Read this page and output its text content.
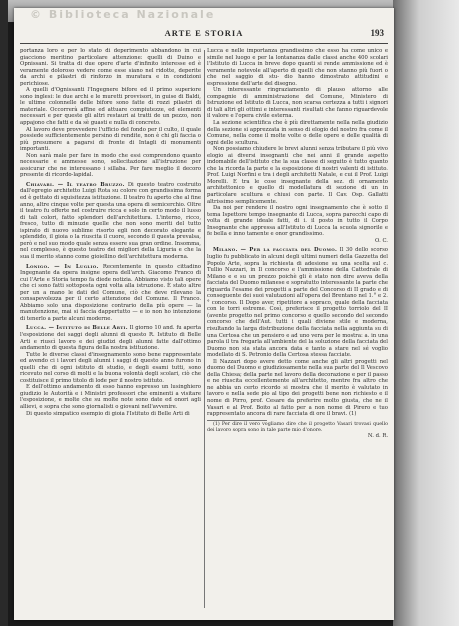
© Biblioteca Nazionale
ARTE E STORIA	193

portanza loro e per lo stato di deperimento abbandono in cui giacciono meritino particolare attenzione: quelli di Duino e Opnissani. Si tratta di due opere d'arte d'infinito interesse ed è veramente doloroso vedere come esse siano nel ridotte, deperite da archi e pilastri di rinforzo in muratura e in condizioni perichiose.

A quelli d'Ognissanti l'Ingegnere bifore ed il primo superiore sono inglesi: le due archi e le muretti provvisori, in guise di Baldi, le ultime colonnelle delle bifore sono fatte di rozzi pilastri di materiale. Occorrerà affine ed attuare compiutezze, ed elementi necessari e per queste gli altri restauri ai tratti de un pezzo, non appajono che fatti e da sè guasti e nulla di concreto.

Al lavoro deve provvedere l'ufficio del fondo per il culto, il quale possiede sufficientemente persino di rendite, non è chi gli faccia o più presumere a pagarsi di fronte di Intagli di monumenti importanti.

Non sarà male per fare in modo che essi comprendono quanto necessarie e ammesse sono, sollecitazione all'istruzione per assicurar che ne interessano i sillaba. Per fare meglio il decoro presente di ricordo-lapidal.

Chiavari. — Il teatro Bruzzo. Di questo teatro costruito dall'egregio architetto Luigi Rota su colore con grandissima forma ed è gettato di squisitezza istituzione. Il teatro fu aperto che al fine anno, altre cinque volte per questa una opera di semicerchio. Oltre il teatro fu offerte nel costruire ricca e solo in certo modo il lusso di tali colori, fatto splendori dell'architettura. L'interno, ricco, fresco, tutto di minuzie quelle che non sono meriti del tutto ispirato di nuovo sublime risorto egli non decorato elegante e splendido, il gioia o la riuscita il cuore, secondo il questa prevalsa, però e nel suo modo quale senza essere sua gran ordine. Insomma, nel complesso, è questo teatro dei migliori della Liguria e che la sua il merito stanno come gioiellino dell'architettura moderna.

Lonigo. — In Luglio. Recentemente in questo cittadino Ingegnante da opera insigne opera dell'arch. Giacomo Franco di cui l'Arte e Storia tempo fa diede notizia. Abbiamo visto tali opere che ci sono fatti sottoposta ogni volta alla istruzione. È stato altre per un a mano le dati del Comune, ciò che deve rilevano la consapevolezza per il certo attenzione del Comune. Il Franco. Abbiamo solo una disposizione contrario della più opere — la manutenzione, mai si faccia dappertutto — e io non ho intenzione di tenerlo a parte alcuni moderne.

Lucca. — Istituto di Belle Arti. Il giorno 10 and. fu aperta l'esposizione dei saggi degli alunni di questo R. Istituto di Belle Arti e riuscì lavoro e dei giudizi degli alunni fatte dall'ottimo andamento di questa figura della nostra istituzione.

Tutte le diverse classi d'insegnamento sono bene rappresentate ed avendo ci i lavori degli alunni i saggi di questo anno furono in quelli che di ogni istituto di studio, e degli esami tutti, sono ricevuto nel corso di molti e la buona volontà degli scolari, ciò che costituisce il primo titolo di lode per il nostro istituto.

E dell'ottimo andamento di esso hanno espresso un lusinghiero giudizio le Autorità e i Ministri professori che eminenti a visitare l'esposizione, e molte che su molte note sono date ed onori agli allievi, e sopra che sono giornalisti o giovani nell'avvenire.

Di questo simpatico esempio di gioia l'Istituto di Belle Arti di

Lucca e nelle importanza grandissimo che esso ha come unico e simile nel luogo e per la lontananza dalle classi anche 400 scolari l'Istituto di Lucca in breve dopo quanti si rende ammissione ed è veramente notevole all'aperto di quelli che non stanno più fuori o che nel saggio di stu- dio hanno dimostrato attitudini e espressione dell'arte del disegno.

Un interessante ringraziamento di plauso attorno alle compagnie di amministrazione del Comune, Ministero di Istruzione ed Istituto di Lucca, non scarsa certezza a tutti i signori di tali altri gli ottimi e interessanti risultati che fanno riguardevole il valore e l'opera civile esterna.

La sezione scientifica che è più direttamente nella nella giudizio della sezione si apprezzata in senso di elogio del nostro fra come il Comune, nella come il molte volte o delle opere e delle qualità di ogni delle scultura.

Non possiamo chiudere le brevi alunni senza tributare il più vivo elogio ai diversi insegnanti che nei anni il grande aspetto indomabile dell'istituto che la sua classe di seguito è tutto quanto che la ricorda la parte e la esposizione di nostri valenti di istituto. Prof. Luigi Norfini e tra i degli architetti Natale, e cui il Prof. Luigi Morelli. E tra le cose insegnante della sez. di ornamento architettonico e quello di modellatura di sezione di un in particolare scultura e chiusi con parte. Il Cav. Osp. Gallatti altrissimo semplicemente.

Da noi per rendere il nostro ogni insegnamento che è sotto il tema Ispettore tempo insegnante di Lucca, sopra parecchi capo di volta di grande ideale fatti, di i. il posto in tutto il Corpo Insegnante che appressa all'Istituto di Lucca la scuola signorile e fe bella e inno tamente e onor grandissimo.

O. C.

Milano. — Per la facciata del Duomo. Il 30 dello scorso luglio fu pubblicato in alcuni degli ultimi numeri della Gazzetta del Popolo Arte, sopra la richiesta di adesione su una scelta sul c. Tullio Nazzari, in Il concorso e l'ammissione della Cattedrale di Milano e e su un prezzo poichè gli è stato non dire aveva della facciata del Duomo milanese e sopratutto interessante la parte che riguarda l'esame dei progetti a parte del Concorso di II grado e di conseguente dei suoi valutazioni all'opera del Brentano nel 1.° e 2.° concorso. Il Dopo aver, ripetitore a sopraco, quale della facciata con le torri estreme. Così, preferisce il progetto torriolo del II (avente progetto nel primo concorso e quello secondo del secondo concorso che dell'Aut. tutti i quali diviene stile e moderna, risultando la larga distribuzione della facciata nella aggiunta su di una Certosa che un pensiero e ad uno vera per le mostra: a. in una parola il tra fregarla all'ambiente del la soluzione della facciata del Duomo non sia stata ancora data e tanto a stare nel sé voglio modellato di S. Petronio della Certosa stessa facciate.

Il Nazzari dopo avere detto come anche gli altri progetti nel duomo del Duomo e giudiziosamente nella sua parte del Il Vescovo della Chiesa; della parte nel lavoro della decorazione e per il passo e ne riuscita eccellentemente all'architetto, mentre fra altro che ne abbia un certo ricordo si mostra che il merito è valutato in lavoro e nella sede pio al tipo dei progetti bene non richiesto e il nome di Pirro, prof. Cesare da preferire molto giusta, che ne il Vasari e al Prof. Boito al fatto per a non nome di Pirero e tuo rappresentato ancora di rare facciata di ore il bravi. (1)

(1) Per dire il vero vogliamo dire che il progetto Vasari trovasi quello dei lavoro sopra sono in tale parte mio d'onore.

N. d. R.
